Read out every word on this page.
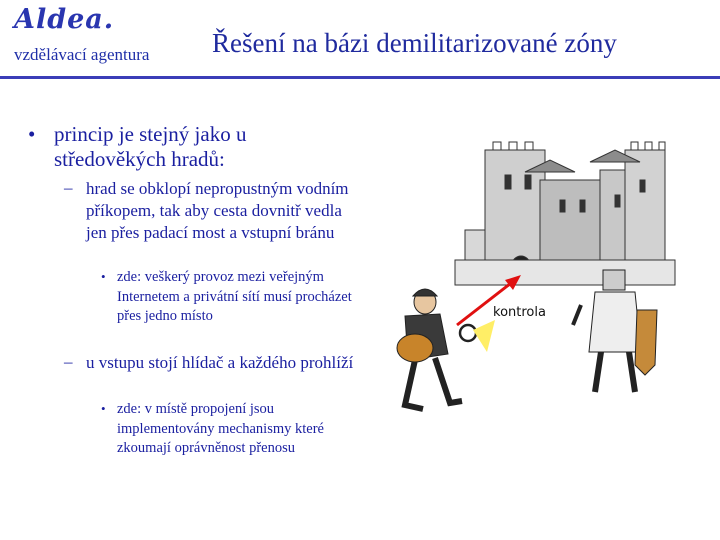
Aldea.
vzdělávací agentura Řešení na bázi demilitarizované zóny
• princip je stejný jako u středověkých hradů:
– hrad se obklopí nepropustným vodním příkopem, tak aby cesta dovnitř vedla jen přes padací most a vstupní bránu
• zde: veškerý provoz mezi veřejným Internetem a privátní sítí musí procházet přes jedno místo
– u vstupu stojí hlídač a každého prohlíží
• zde: v místě propojení jsou implementovány mechanismy které zkoumají oprávněnost přenosu
kontrola
